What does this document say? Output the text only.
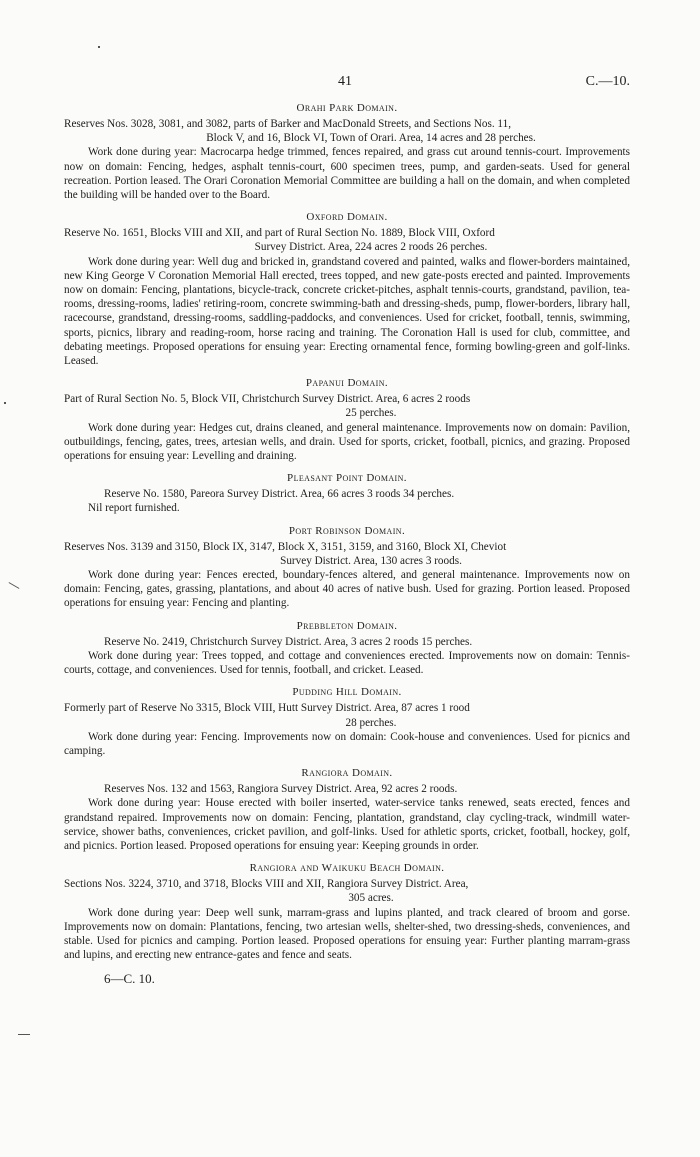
41	C.—10.
Orahi Park Domain.
Reserves Nos. 3028, 3081, and 3082, parts of Barker and MacDonald Streets, and Sections Nos. 11,
Block V, and 16, Block VI, Town of Orari. Area, 14 acres and 28 perches.

Work done during year: Macrocarpa hedge trimmed, fences repaired, and grass cut around tennis-court. Improvements now on domain: Fencing, hedges, asphalt tennis-court, 600 specimen trees, pump, and garden-seats. Used for general recreation. Portion leased. The Orari Coronation Memorial Committee are building a hall on the domain, and when completed the building will be handed over to the Board.

Oxford Domain.
Reserve No. 1651, Blocks VIII and XII, and part of Rural Section No. 1889, Block VIII, Oxford
Survey District. Area, 224 acres 2 roods 26 perches.

Work done during year: Well dug and bricked in, grandstand covered and painted, walks and flower-borders maintained, new King George V Coronation Memorial Hall erected, trees topped, and new gate-posts erected and painted. Improvements now on domain: Fencing, plantations, bicycle-track, concrete cricket-pitches, asphalt tennis-courts, grandstand, pavilion, tea-rooms, dressing-rooms, ladies' retiring-room, concrete swimming-bath and dressing-sheds, pump, flower-borders, library hall, racecourse, grandstand, dressing-rooms, saddling-paddocks, and conveniences. Used for cricket, football, tennis, swimming, sports, picnics, library and reading-room, horse racing and training. The Coronation Hall is used for club, committee, and debating meetings. Proposed operations for ensuing year: Erecting ornamental fence, forming bowling-green and golf-links. Leased.

Papanui Domain.
Part of Rural Section No. 5, Block VII, Christchurch Survey District. Area, 6 acres 2 roods
25 perches.

Work done during year: Hedges cut, drains cleaned, and general maintenance. Improvements now on domain: Pavilion, outbuildings, fencing, gates, trees, artesian wells, and drain. Used for sports, cricket, football, picnics, and grazing. Proposed operations for ensuing year: Levelling and draining.

Pleasant Point Domain.
Reserve No. 1580, Pareora Survey District. Area, 66 acres 3 roods 34 perches.
Nil report furnished.
Port Robinson Domain.
Reserves Nos. 3139 and 3150, Block IX, 3147, Block X, 3151, 3159, and 3160, Block XI, Cheviot
Survey District. Area, 130 acres 3 roods.

Work done during year: Fences erected, boundary-fences altered, and general maintenance. Improvements now on domain: Fencing, gates, grassing, plantations, and about 40 acres of native bush. Used for grazing. Portion leased. Proposed operations for ensuing year: Fencing and planting.

Prebbleton Domain.
Reserve No. 2419, Christchurch Survey District. Area, 3 acres 2 roods 15 perches.

Work done during year: Trees topped, and cottage and conveniences erected. Improvements now on domain: Tennis-courts, cottage, and conveniences. Used for tennis, football, and cricket. Leased.

Pudding Hill Domain.
Formerly part of Reserve No 3315, Block VIII, Hutt Survey District. Area, 87 acres 1 rood
28 perches.

Work done during year: Fencing. Improvements now on domain: Cook-house and conveniences. Used for picnics and camping.

Rangiora Domain.
Reserves Nos. 132 and 1563, Rangiora Survey District. Area, 92 acres 2 roods.

Work done during year: House erected with boiler inserted, water-service tanks renewed, seats erected, fences and grandstand repaired. Improvements now on domain: Fencing, plantation, grandstand, clay cycling-track, windmill water-service, shower baths, conveniences, cricket pavilion, and golf-links. Used for athletic sports, cricket, football, hockey, golf, and picnics. Portion leased. Proposed operations for ensuing year: Keeping grounds in order.

Rangiora and Waikuku Beach Domain.
Sections Nos. 3224, 3710, and 3718, Blocks VIII and XII, Rangiora Survey District. Area,
305 acres.

Work done during year: Deep well sunk, marram-grass and lupins planted, and track cleared of broom and gorse. Improvements now on domain: Plantations, fencing, two artesian wells, shelter-shed, two dressing-sheds, conveniences, and stable. Used for picnics and camping. Portion leased. Proposed operations for ensuing year: Further planting marram-grass and lupins, and erecting new entrance-gates and fence and seats.

6—C. 10.
